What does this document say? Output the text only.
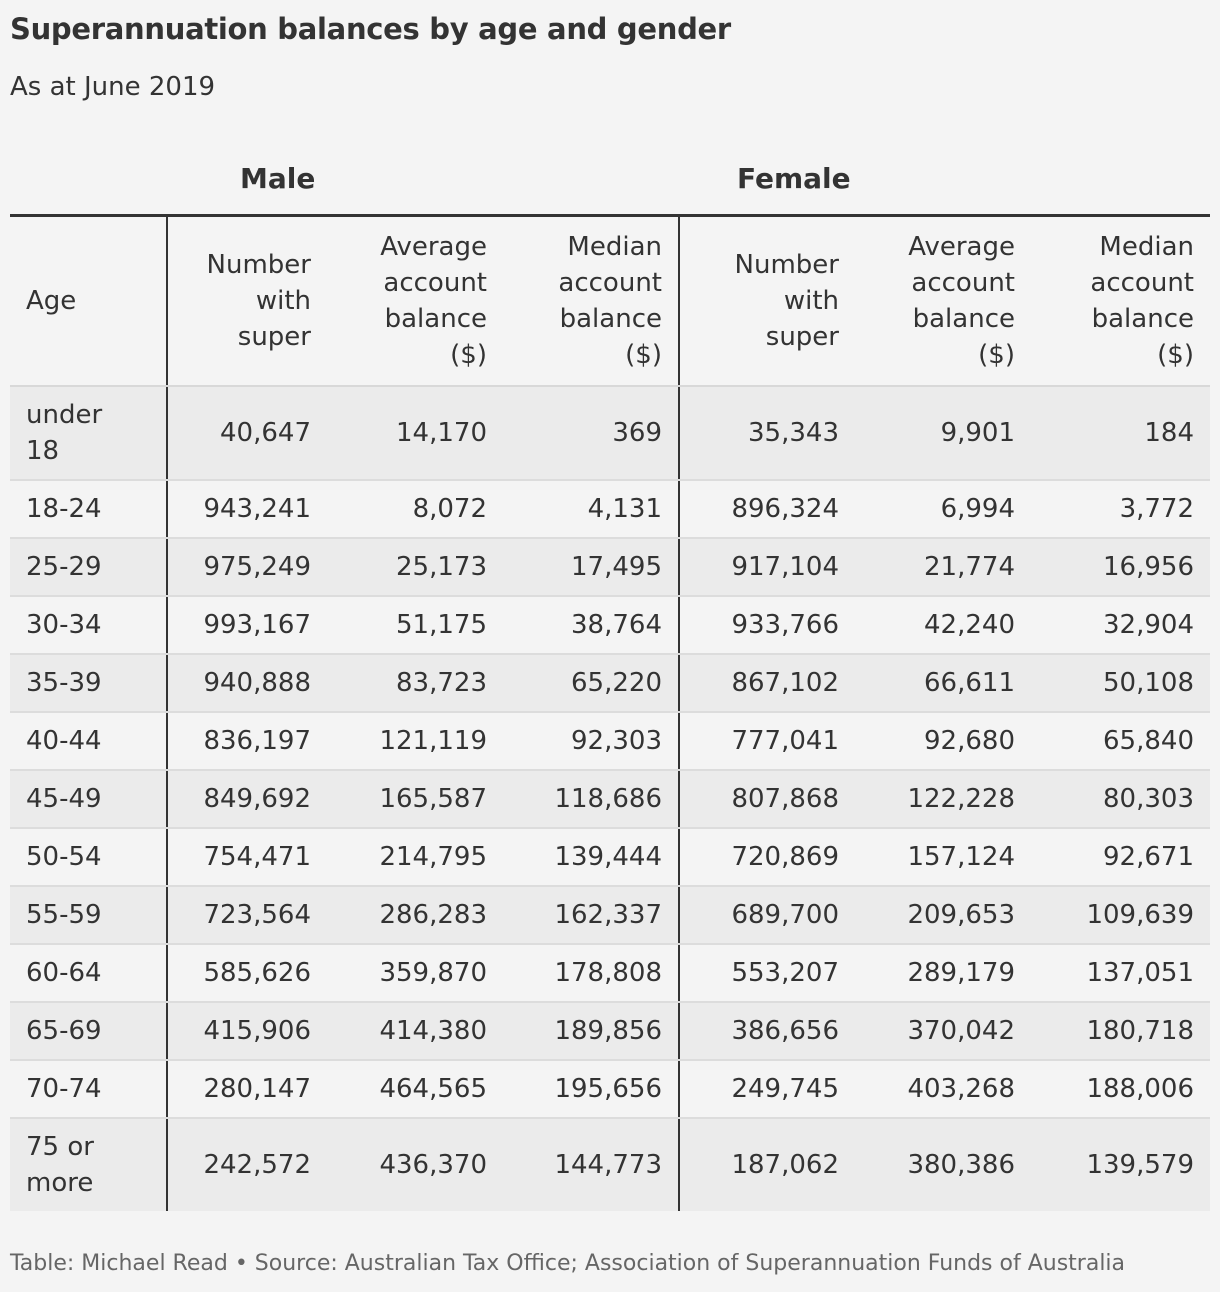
Superannuation balances by age and gender
As at June 2019
Male	Female
Age	Number with super	Average account balance ($)	Median account balance ($)	Number with super	Average account balance ($)	Median account balance ($)
under 18	40,647	14,170	369	35,343	9,901	184
18-24	943,241	8,072	4,131	896,324	6,994	3,772
25-29	975,249	25,173	17,495	917,104	21,774	16,956
30-34	993,167	51,175	38,764	933,766	42,240	32,904
35-39	940,888	83,723	65,220	867,102	66,611	50,108
40-44	836,197	121,119	92,303	777,041	92,680	65,840
45-49	849,692	165,587	118,686	807,868	122,228	80,303
50-54	754,471	214,795	139,444	720,869	157,124	92,671
55-59	723,564	286,283	162,337	689,700	209,653	109,639
60-64	585,626	359,870	178,808	553,207	289,179	137,051
65-69	415,906	414,380	189,856	386,656	370,042	180,718
70-74	280,147	464,565	195,656	249,745	403,268	188,006
75 or more	242,572	436,370	144,773	187,062	380,386	139,579
Table: Michael Read • Source: Australian Tax Office; Association of Superannuation Funds of Australia
